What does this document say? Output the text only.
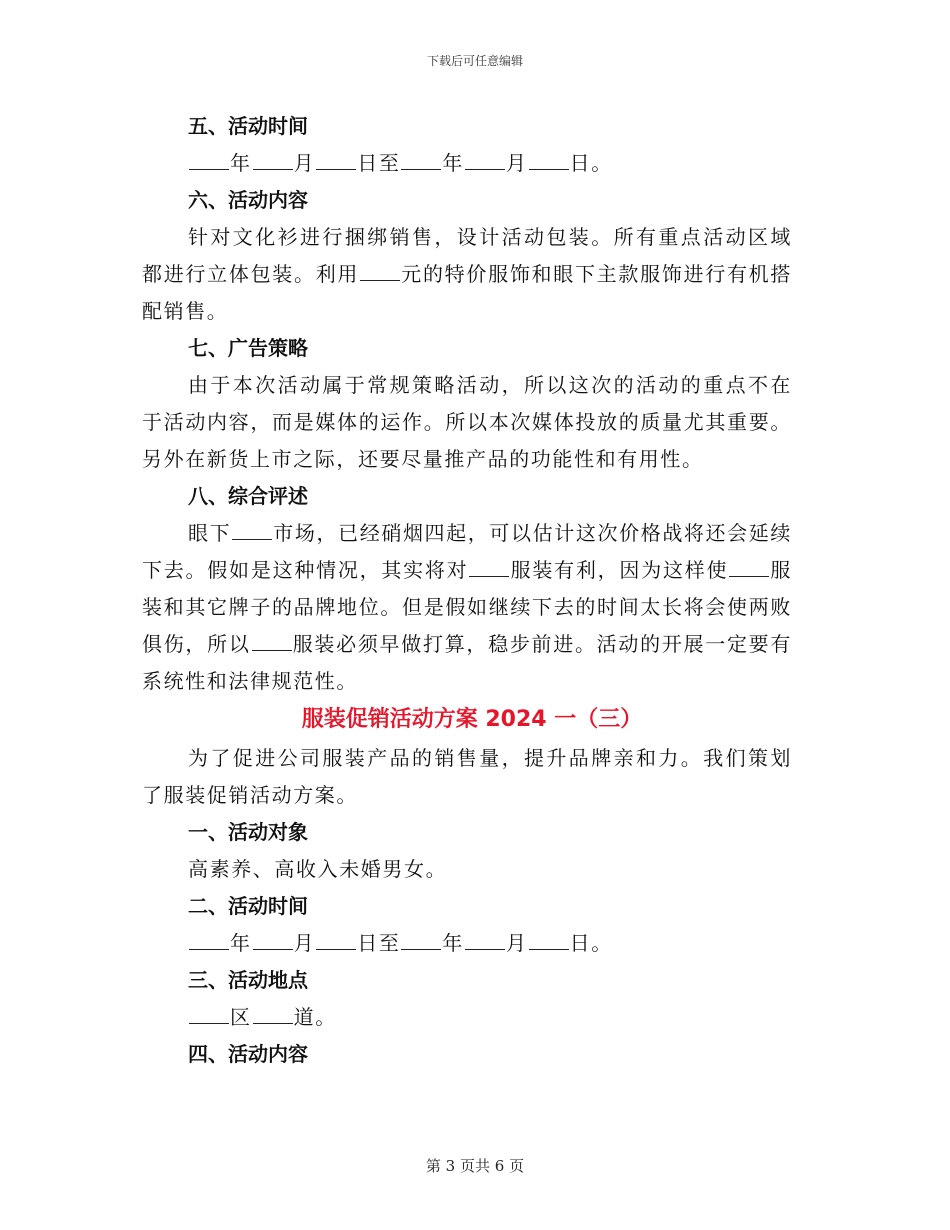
下载后可任意编辑

五、活动时间

年 月 日至 年 月 日。

六、活动内容

针对文化衫进行捆绑销售，设计活动包装。所有重点活动区域都进行立体包装。利用 元的特价服饰和眼下主款服饰进行有机搭配销售。

七、广告策略

由于本次活动属于常规策略活动，所以这次的活动的重点不在于活动内容，而是媒体的运作。所以本次媒体投放的质量尤其重要。另外在新货上市之际，还要尽量推产品的功能性和有用性。

八、综合评述

眼下 市场，已经硝烟四起，可以估计这次价格战将还会延续下去。假如是这种情况，其实将对 服装有利，因为这样使 服装和其它牌子的品牌地位。但是假如继续下去的时间太长将会使两败俱伤，所以 服装必须早做打算，稳步前进。活动的开展一定要有系统性和法律规范性。

服装促销活动方案 2024 一（三）

为了促进公司服装产品的销售量，提升品牌亲和力。我们策划了服装促销活动方案。

一、活动对象

高素养、高收入未婚男女。

二、活动时间

年 月 日至 年 月 日。

三、活动地点

区 道。

四、活动内容

第 3 页共 6 页
